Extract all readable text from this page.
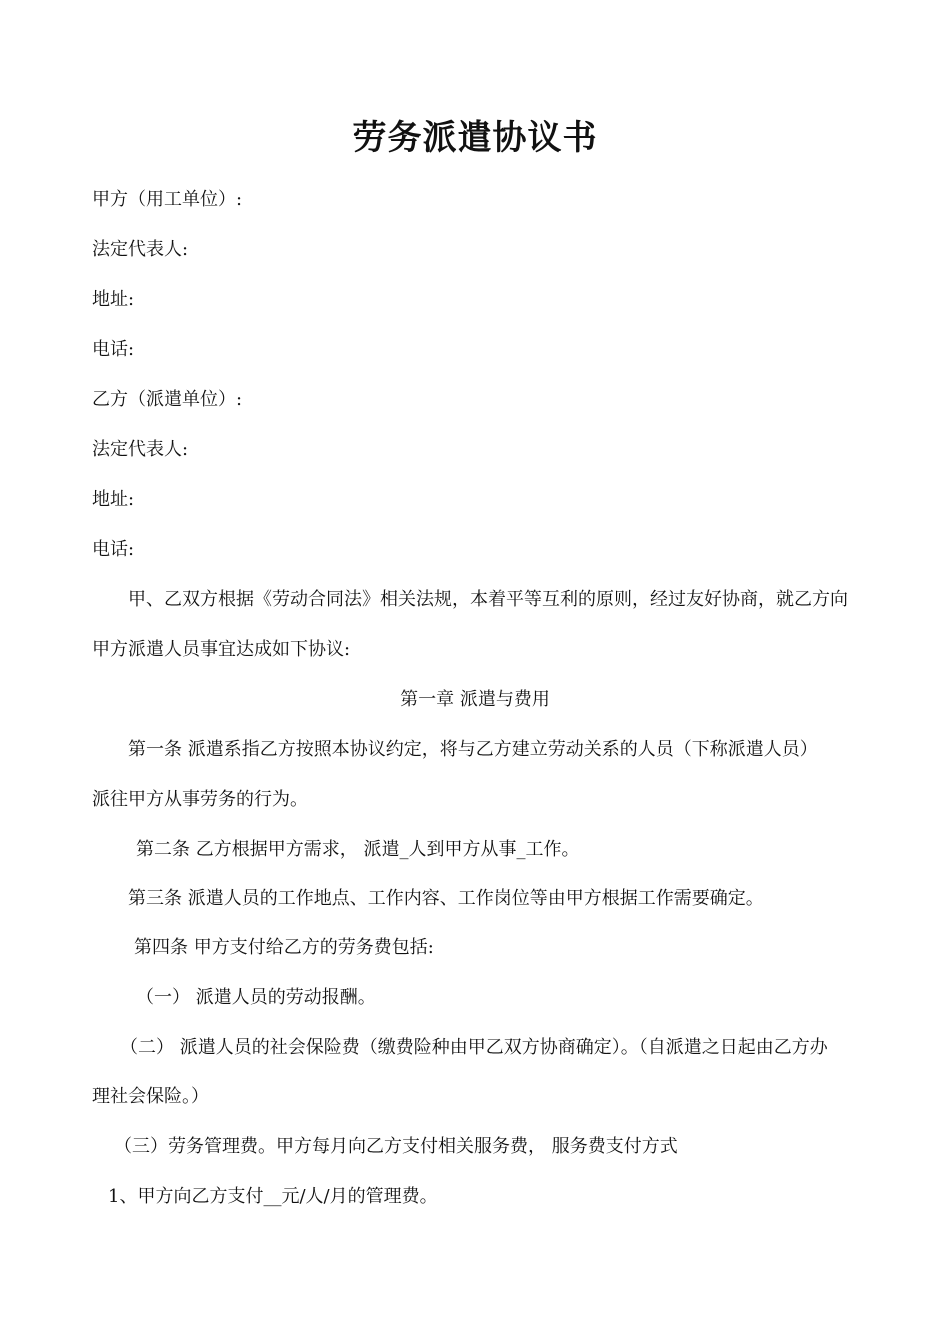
劳务派遣协议书
甲方（用工单位）:
法定代表人:
地址:
电话:
乙方（派遣单位）:
法定代表人:
地址:
电话:
甲、乙双方根据《劳动合同法》相关法规，本着平等互利的原则，经过友好协商，就乙方向
甲方派遣人员事宜达成如下协议:
第一章 派遣与费用
第一条 派遣系指乙方按照本协议约定，将与乙方建立劳动关系的人员（下称派遣人员）
派往甲方从事劳务的行为。
第二条 乙方根据甲方需求， 派遣_人到甲方从事_工作。
第三条 派遣人员的工作地点、工作内容、工作岗位等由甲方根据工作需要确定。
第四条 甲方支付给乙方的劳务费包括:
（一） 派遣人员的劳动报酬。
（二） 派遣人员的社会保险费（缴费险种由甲乙双方协商确定）。（自派遣之日起由乙方办
理社会保险。）
（三）劳务管理费。甲方每月向乙方支付相关服务费， 服务费支付方式
1、甲方向乙方支付__元/人/月的管理费。
